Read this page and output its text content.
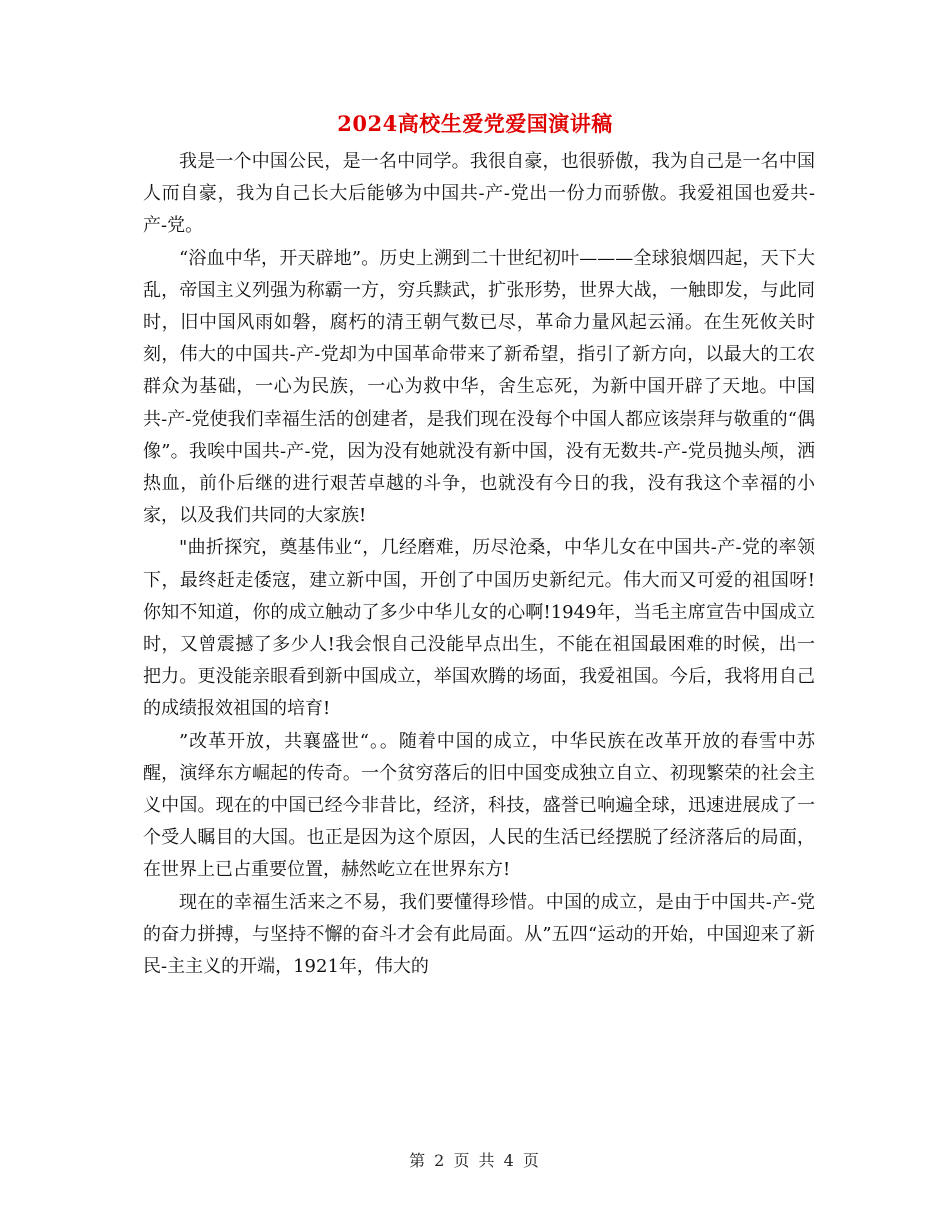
2024高校生爱党爱国演讲稿

我是一个中国公民，是一名中同学。我很自豪，也很骄傲，我为自己是一名中国人而自豪，我为自己长大后能够为中国共-产-党出一份力而骄傲。我爱祖国也爱共-产-党。

“浴血中华，开天辟地”。历史上溯到二十世纪初叶———全球狼烟四起，天下大乱，帝国主义列强为称霸一方，穷兵黩武，扩张形势，世界大战，一触即发，与此同时，旧中国风雨如磐，腐朽的清王朝气数已尽，革命力量风起云涌。在生死攸关时刻，伟大的中国共-产-党却为中国革命带来了新希望，指引了新方向，以最大的工农群众为基础，一心为民族，一心为救中华，舍生忘死，为新中国开辟了天地。中国共-产-党使我们幸福生活的创建者，是我们现在没每个中国人都应该崇拜与敬重的“偶像”。我唉中国共-产-党，因为没有她就没有新中国，没有无数共-产-党员抛头颅，洒热血，前仆后继的进行艰苦卓越的斗争，也就没有今日的我，没有我这个幸福的小家，以及我们共同的大家族!

"曲折探究，奠基伟业“，几经磨难，历尽沧桑，中华儿女在中国共-产-党的率领下，最终赶走倭寇，建立新中国，开创了中国历史新纪元。伟大而又可爱的祖国呀!你知不知道，你的成立触动了多少中华儿女的心啊!1949年，当毛主席宣告中国成立时，又曾震撼了多少人!我会恨自己没能早点出生，不能在祖国最困难的时候，出一把力。更没能亲眼看到新中国成立，举国欢腾的场面，我爱祖国。今后，我将用自己的成绩报效祖国的培育!

”改革开放，共襄盛世“。。随着中国的成立，中华民族在改革开放的春雪中苏醒，演绎东方崛起的传奇。一个贫穷落后的旧中国变成独立自立、初现繁荣的社会主义中国。现在的中国已经今非昔比，经济，科技，盛誉已响遍全球，迅速进展成了一个受人瞩目的大国。也正是因为这个原因，人民的生活已经摆脱了经济落后的局面，在世界上已占重要位置，赫然屹立在世界东方!

现在的幸福生活来之不易，我们要懂得珍惜。中国的成立，是由于中国共-产-党的奋力拼搏，与坚持不懈的奋斗才会有此局面。从”五四“运动的开始，中国迎来了新民-主主义的开端，1921年，伟大的

第 2 页 共 4 页
